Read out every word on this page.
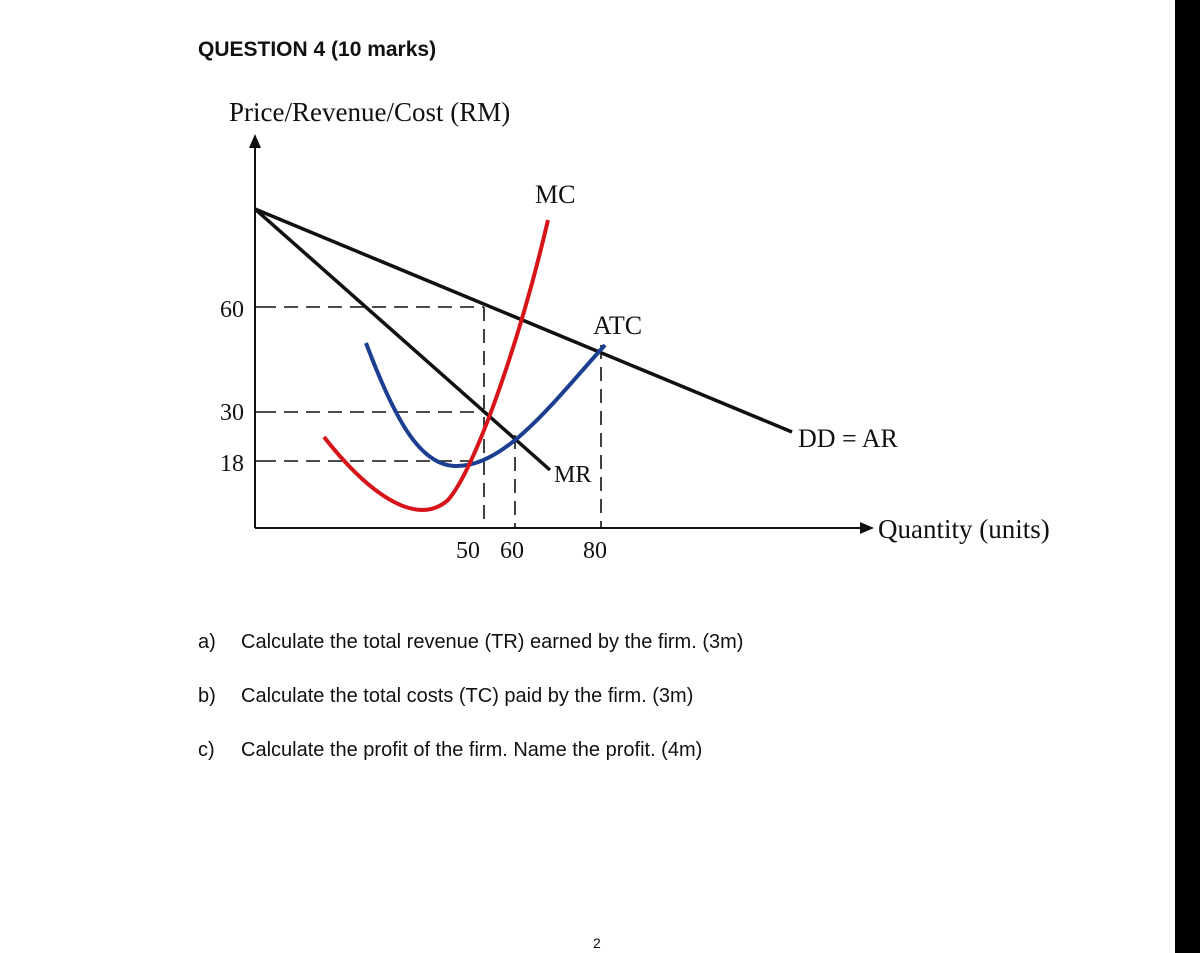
QUESTION 4 (10 marks)
Price/Revenue/Cost (RM)
Quantity (units)
60
30
18
50 60 80
MC
ATC
MR
DD = AR
a) Calculate the total revenue (TR) earned by the firm. (3m)
b) Calculate the total costs (TC) paid by the firm. (3m)
c) Calculate the profit of the firm. Name the profit. (4m)
2
